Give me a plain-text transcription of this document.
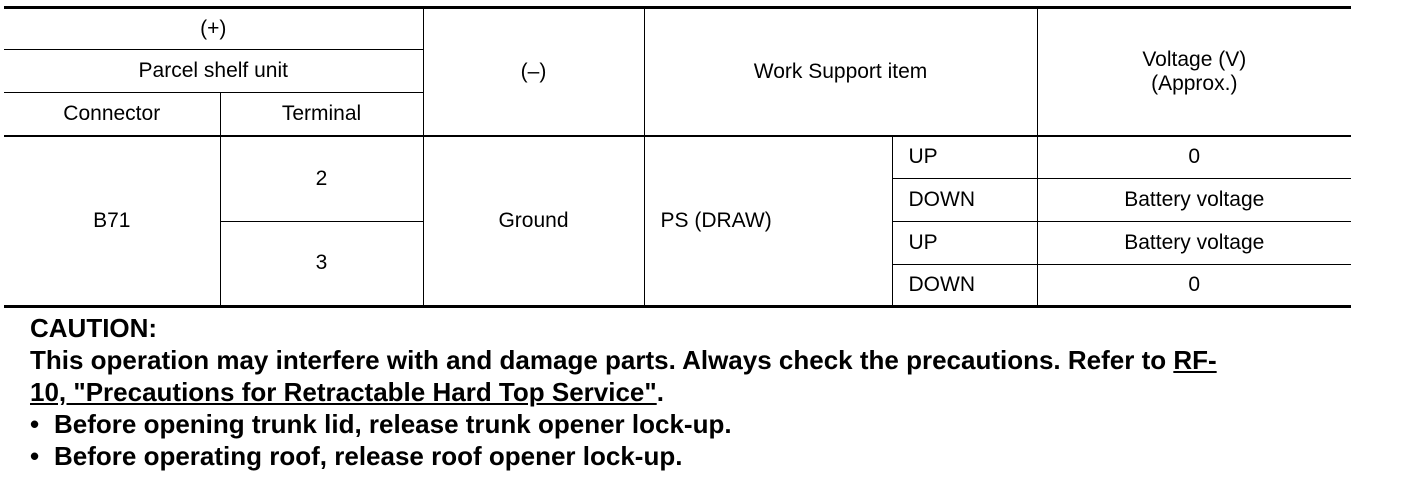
(+)		(–)	Work Support item		Voltage (V)
(Approx.)

Parcel shelf unit					
Connector	Terminal				
B71	2	Ground	PS (DRAW)	UP	0
				DOWN	Battery voltage
	3			UP	Battery voltage
				DOWN	0
CAUTION:
This operation may interfere with and damage parts. Always check the precautions. Refer to RF-
10, "Precautions for Retractable Hard Top Service".
• Before opening trunk lid, release trunk opener lock-up.
• Before operating roof, release roof opener lock-up.
